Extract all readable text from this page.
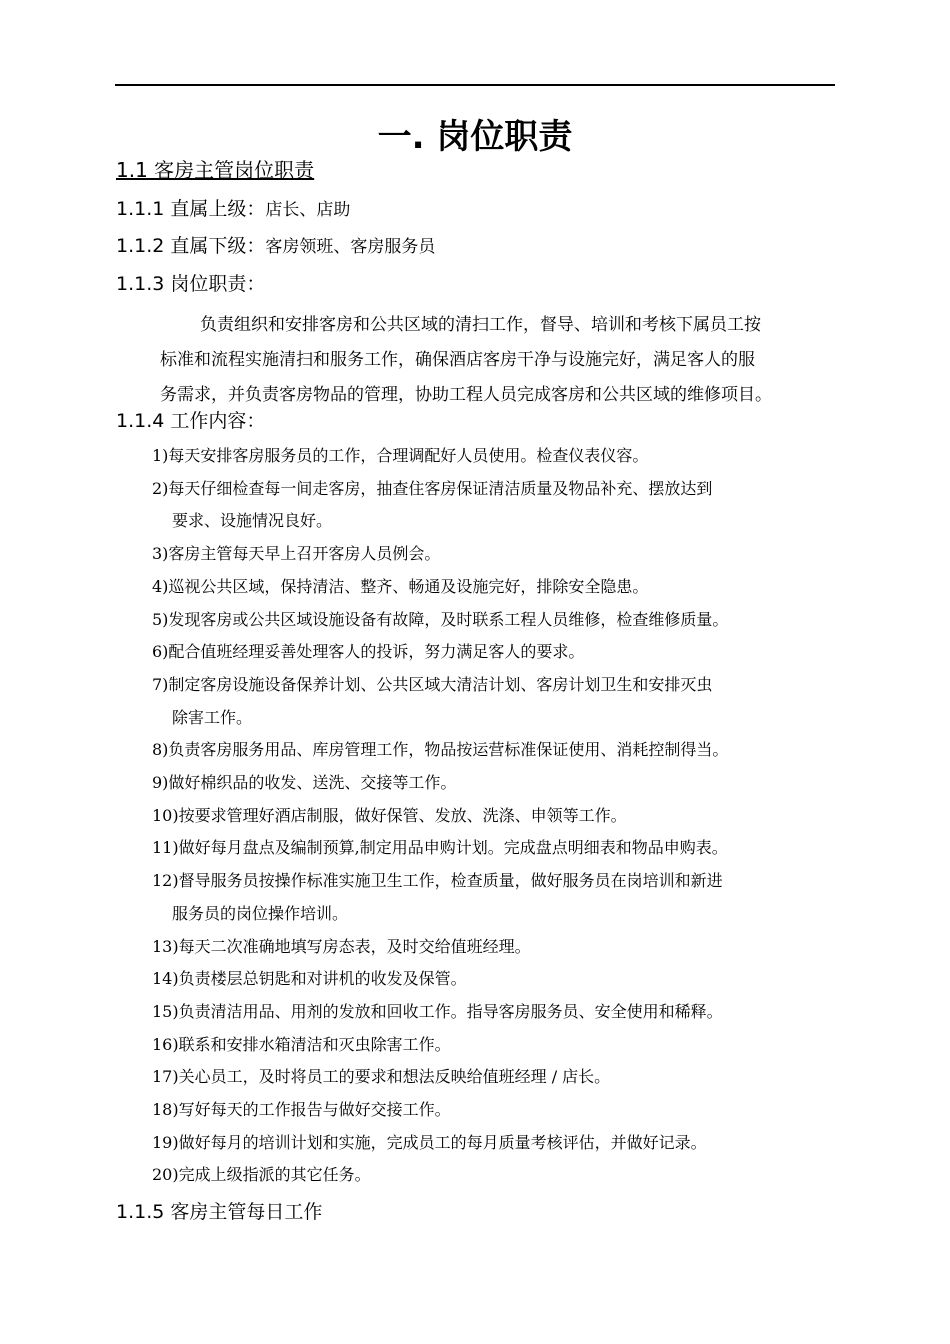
一. 岗位职责

1.1 客房主管岗位职责

1.1.1 直属上级：店长、店助

1.1.2 直属下级：客房领班、客房服务员

1.1.3 岗位职责：

负责组织和安排客房和公共区域的清扫工作，督导、培训和考核下属员工按
标准和流程实施清扫和服务工作，确保酒店客房干净与设施完好，满足客人的服
务需求，并负责客房物品的管理，协助工程人员完成客房和公共区域的维修项目。

1.1.4 工作内容：

1)每天安排客房服务员的工作，合理调配好人员使用。检查仪表仪容。
2)每天仔细检查每一间走客房，抽查住客房保证清洁质量及物品补充、摆放达到
要求、设施情况良好。
3)客房主管每天早上召开客房人员例会。
4)巡视公共区域，保持清洁、整齐、畅通及设施完好，排除安全隐患。
5)发现客房或公共区域设施设备有故障，及时联系工程人员维修，检查维修质量。
6)配合值班经理妥善处理客人的投诉，努力满足客人的要求。
7)制定客房设施设备保养计划、公共区域大清洁计划、客房计划卫生和安排灭虫
除害工作。
8)负责客房服务用品、库房管理工作，物品按运营标准保证使用、消耗控制得当。
9)做好棉织品的收发、送洗、交接等工作。
10)按要求管理好酒店制服，做好保管、发放、洗涤、申领等工作。
11)做好每月盘点及编制预算,制定用品申购计划。完成盘点明细表和物品申购表。
12)督导服务员按操作标准实施卫生工作，检查质量，做好服务员在岗培训和新进
服务员的岗位操作培训。
13)每天二次准确地填写房态表，及时交给值班经理。
14)负责楼层总钥匙和对讲机的收发及保管。
15)负责清洁用品、用剂的发放和回收工作。指导客房服务员、安全使用和稀释。
16)联系和安排水箱清洁和灭虫除害工作。
17)关心员工，及时将员工的要求和想法反映给值班经理 / 店长。
18)写好每天的工作报告与做好交接工作。
19)做好每月的培训计划和实施，完成员工的每月质量考核评估，并做好记录。
20)完成上级指派的其它任务。

1.1.5 客房主管每日工作
